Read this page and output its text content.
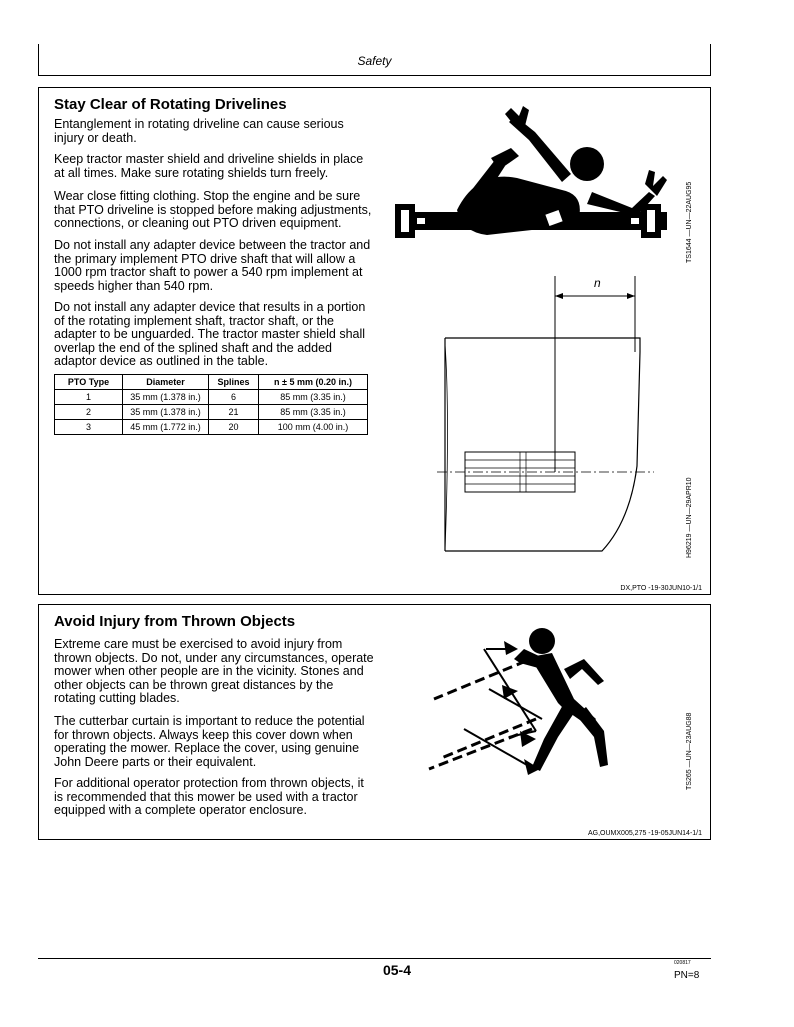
Safety
Stay Clear of Rotating Drivelines
Entanglement in rotating driveline can cause serious injury or death.
Keep tractor master shield and driveline shields in place at all times. Make sure rotating shields turn freely.
Wear close fitting clothing. Stop the engine and be sure that PTO driveline is stopped before making adjustments, connections, or cleaning out PTO driven equipment.
Do not install any adapter device between the tractor and the primary implement PTO drive shaft that will allow a 1000 rpm tractor shaft to power a 540 rpm implement at speeds higher than 540 rpm.
Do not install any adapter device that results in a portion of the rotating implement shaft, tractor shaft, or the adapter to be unguarded. The tractor master shield shall overlap the end of the splined shaft and the added adaptor device as outlined in the table.
PTO Type	Diameter	Splines	n ± 5 mm (0.20 in.)
1	35 mm (1.378 in.)	6	85 mm (3.35 in.)
2	35 mm (1.378 in.)	21	85 mm (3.35 in.)
3	45 mm (1.772 in.)	20	100 mm (4.00 in.)
TS1644 —UN—22AUG95
n
H96219 —UN—29APR10
DX,PTO -19-30JUN10-1/1
Avoid Injury from Thrown Objects
Extreme care must be exercised to avoid injury from thrown objects. Do not, under any circumstances, operate mower when other people are in the vicinity. Stones and other objects can be thrown great distances by the rotating cutting blades.
The cutterbar curtain is important to reduce the potential for thrown objects. Always keep this cover down when operating the mower. Replace the cover, using genuine John Deere parts or their equivalent.
For additional operator protection from thrown objects, it is recommended that this mower be used with a tractor equipped with a complete operator enclosure.
TS265 —UN—23AUG88
AG,OUMX005,275 -19-05JUN14-1/1
05-4	020817
PN=8
